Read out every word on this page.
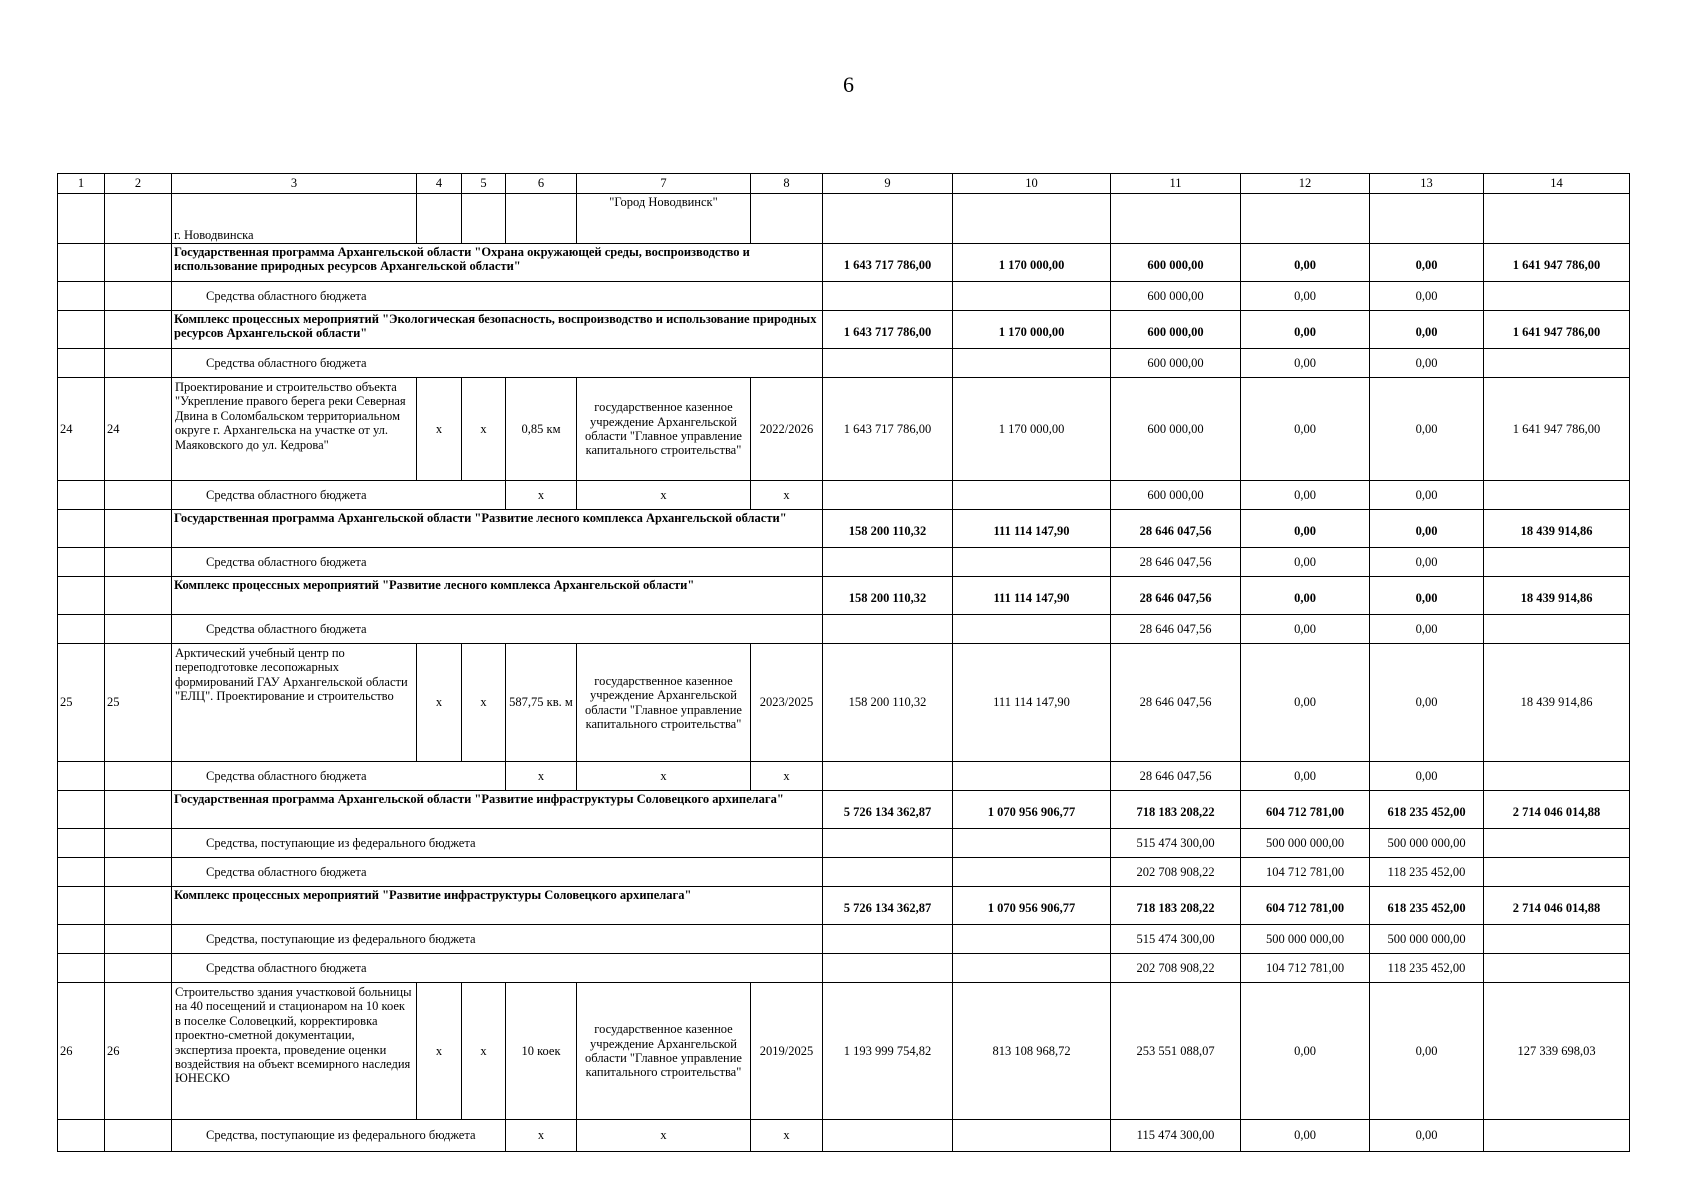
6
1	2	3	4	5	6	7	8	9	10	11	12	13	14
		г. Новодвинска				"Город Новодвинск"							
		Государственная программа Архангельской области "Охрана окружающей среды, воспроизводство и использование природных ресурсов Архангельской области"						1 643 717 786,00	1 170 000,00	600 000,00	0,00	0,00	1 641 947 786,00
		Средства областного бюджета								600 000,00	0,00	0,00	
		Комплекс процессных мероприятий "Экологическая безопасность, воспроизводство и использование природных ресурсов Архангельской области"						1 643 717 786,00	1 170 000,00	600 000,00	0,00	0,00	1 641 947 786,00
		Средства областного бюджета								600 000,00	0,00	0,00	
24	24	Проектирование и строительство объекта "Укрепление правого берега реки Северная Двина в Соломбальском территориальном округе г. Архангельска на участке от ул. Маяковского до ул. Кедрова"	х	х	0,85 км	государственное казенное учреждение Архангельской области "Главное управление капитального строительства"	2022/2026	1 643 717 786,00	1 170 000,00	600 000,00	0,00	0,00	1 641 947 786,00
		Средства областного бюджета			х	х	х			600 000,00	0,00	0,00	
		Государственная программа Архангельской области "Развитие лесного комплекса Архангельской области"						158 200 110,32	111 114 147,90	28 646 047,56	0,00	0,00	18 439 914,86
		Средства областного бюджета								28 646 047,56	0,00	0,00	
		Комплекс процессных мероприятий "Развитие лесного комплекса Архангельской области"						158 200 110,32	111 114 147,90	28 646 047,56	0,00	0,00	18 439 914,86
		Средства областного бюджета								28 646 047,56	0,00	0,00	
25	25	Арктический учебный центр по переподготовке лесопожарных формирований ГАУ Архангельской области "ЕЛЦ". Проектирование и строительство	х	х	587,75 кв. м	государственное казенное учреждение Архангельской области "Главное управление капитального строительства"	2023/2025	158 200 110,32	111 114 147,90	28 646 047,56	0,00	0,00	18 439 914,86
		Средства областного бюджета			х	х	х			28 646 047,56	0,00	0,00	
		Государственная программа Архангельской области "Развитие инфраструктуры Соловецкого архипелага"						5 726 134 362,87	1 070 956 906,77	718 183 208,22	604 712 781,00	618 235 452,00	2 714 046 014,88
		Средства, поступающие из федерального бюджета								515 474 300,00	500 000 000,00	500 000 000,00	
		Средства областного бюджета								202 708 908,22	104 712 781,00	118 235 452,00	
		Комплекс процессных мероприятий "Развитие инфраструктуры Соловецкого архипелага"						5 726 134 362,87	1 070 956 906,77	718 183 208,22	604 712 781,00	618 235 452,00	2 714 046 014,88
		Средства, поступающие из федерального бюджета								515 474 300,00	500 000 000,00	500 000 000,00	
		Средства областного бюджета								202 708 908,22	104 712 781,00	118 235 452,00	
26	26	Строительство здания участковой больницы на 40 посещений и стационаром на 10 коек в поселке Соловецкий, корректировка проектно-сметной документации, экспертиза проекта, проведение оценки воздействия на объект всемирного наследия ЮНЕСКО	х	х	10 коек	государственное казенное учреждение Архангельской области "Главное управление капитального строительства"	2019/2025	1 193 999 754,82	813 108 968,72	253 551 088,07	0,00	0,00	127 339 698,03
		Средства, поступающие из федерального бюджета			х	х	х			115 474 300,00	0,00	0,00	
